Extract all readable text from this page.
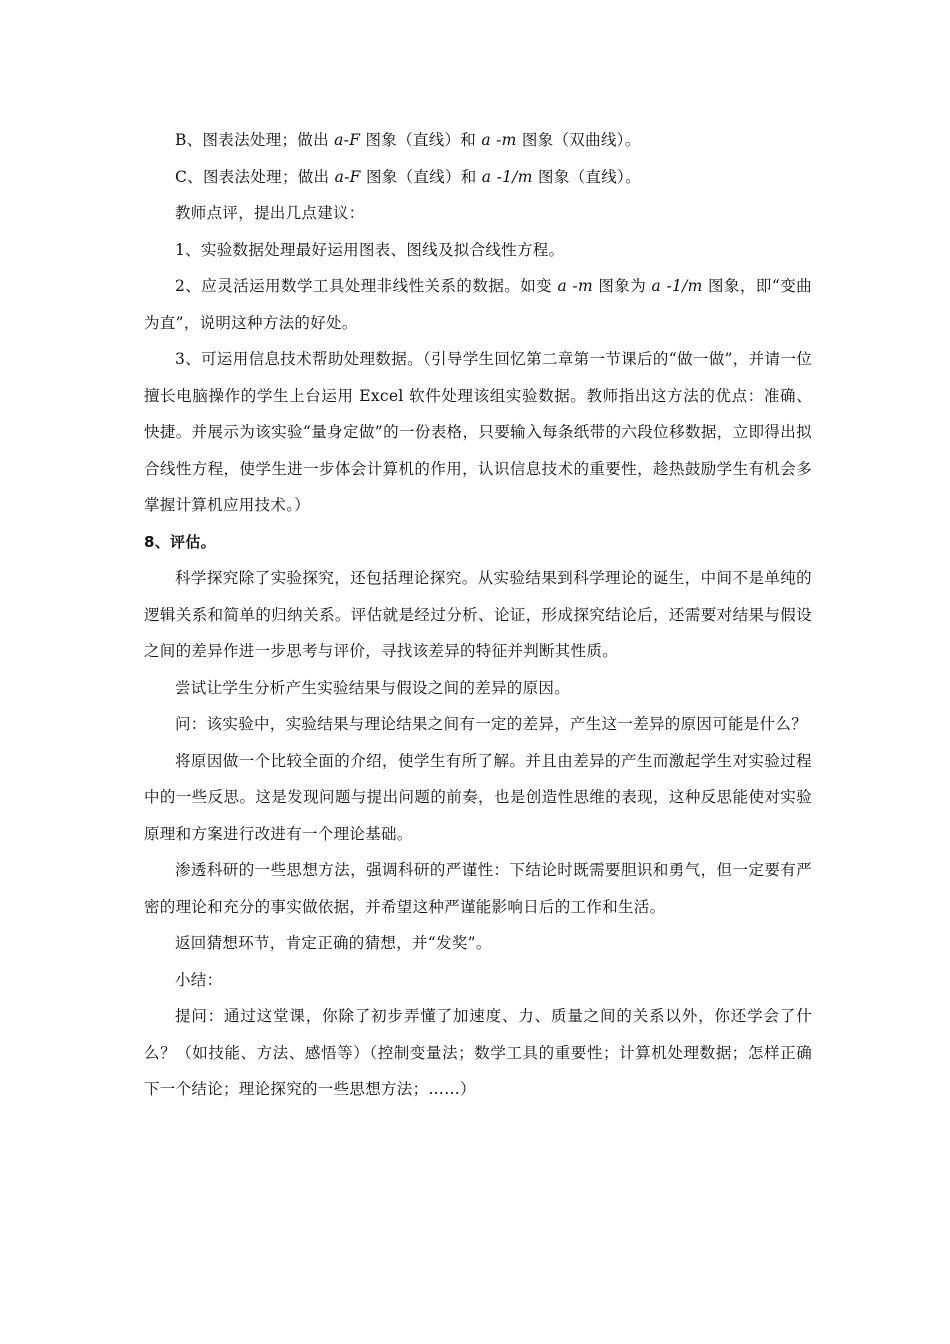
B、图表法处理；做出 a-F 图象（直线）和 a -m 图象（双曲线）。

C、图表法处理；做出 a-F 图象（直线）和 a -1/m 图象（直线）。

教师点评，提出几点建议：

1、实验数据处理最好运用图表、图线及拟合线性方程。

2、应灵活运用数学工具处理非线性关系的数据。如变 a -m 图象为 a -1/m 图象，即“变曲为直”，说明这种方法的好处。

3、可运用信息技术帮助处理数据。（引导学生回忆第二章第一节课后的“做一做”，并请一位擅长电脑操作的学生上台运用 Excel 软件处理该组实验数据。教师指出这方法的优点：准确、快捷。并展示为该实验“量身定做”的一份表格，只要输入每条纸带的六段位移数据，立即得出拟合线性方程，使学生进一步体会计算机的作用，认识信息技术的重要性，趁热鼓励学生有机会多掌握计算机应用技术。）

8、评估。

科学探究除了实验探究，还包括理论探究。从实验结果到科学理论的诞生，中间不是单纯的逻辑关系和简单的归纳关系。评估就是经过分析、论证，形成探究结论后，还需要对结果与假设之间的差异作进一步思考与评价，寻找该差异的特征并判断其性质。

尝试让学生分析产生实验结果与假设之间的差异的原因。

问：该实验中，实验结果与理论结果之间有一定的差异，产生这一差异的原因可能是什么？

将原因做一个比较全面的介绍，使学生有所了解。并且由差异的产生而激起学生对实验过程中的一些反思。这是发现问题与提出问题的前奏，也是创造性思维的表现，这种反思能使对实验原理和方案进行改进有一个理论基础。

渗透科研的一些思想方法，强调科研的严谨性：下结论时既需要胆识和勇气，但一定要有严密的理论和充分的事实做依据，并希望这种严谨能影响日后的工作和生活。

返回猜想环节，肯定正确的猜想，并“发奖”。

小结：

提问：通过这堂课，你除了初步弄懂了加速度、力、质量之间的关系以外，你还学会了什么？（如技能、方法、感悟等）（控制变量法；数学工具的重要性；计算机处理数据；怎样正确下一个结论；理论探究的一些思想方法；……）
